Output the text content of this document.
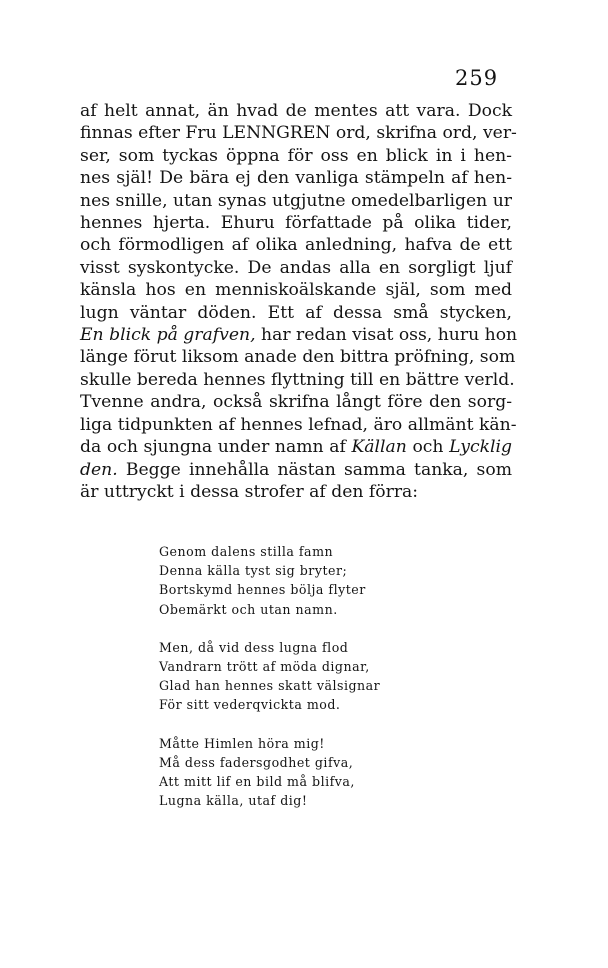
259
af helt annat, än hvad de mentes att vara. Dock
finnas efter Fru LENNGREN ord, skrifna ord, ver-
ser, som tyckas öppna för oss en blick in i hen-
nes själ! De bära ej den vanliga stämpeln af hen-
nes snille, utan synas utgjutne omedelbarligen ur
hennes hjerta. Ehuru författade på olika tider,
och förmodligen af olika anledning, hafva de ett
visst syskontycke. De andas alla en sorgligt ljuf
känsla hos en menniskoälskande själ, som med
lugn väntar döden. Ett af dessa små stycken,
En blick på grafven, har redan visat oss, huru hon
länge förut liksom anade den bittra pröfning, som
skulle bereda hennes flyttning till en bättre verld.
Tvenne andra, också skrifna långt före den sorg-
liga tidpunkten af hennes lefnad, äro allmänt kän-
da och sjungna under namn af Källan och Lycklig
den. Begge innehålla nästan samma tanka, som
är uttryckt i dessa strofer af den förra:
Genom dalens stilla famn
Denna källa tyst sig bryter;
Bortskymd hennes bölja flyter
Obemärkt och utan namn.
Men, då vid dess lugna flod
Vandrarn trött af möda dignar,
Glad han hennes skatt välsignar
För sitt vederqvickta mod.
Måtte Himlen höra mig!
Må dess fadersgodhet gifva,
Att mitt lif en bild må blifva,
Lugna källa, utaf dig!
